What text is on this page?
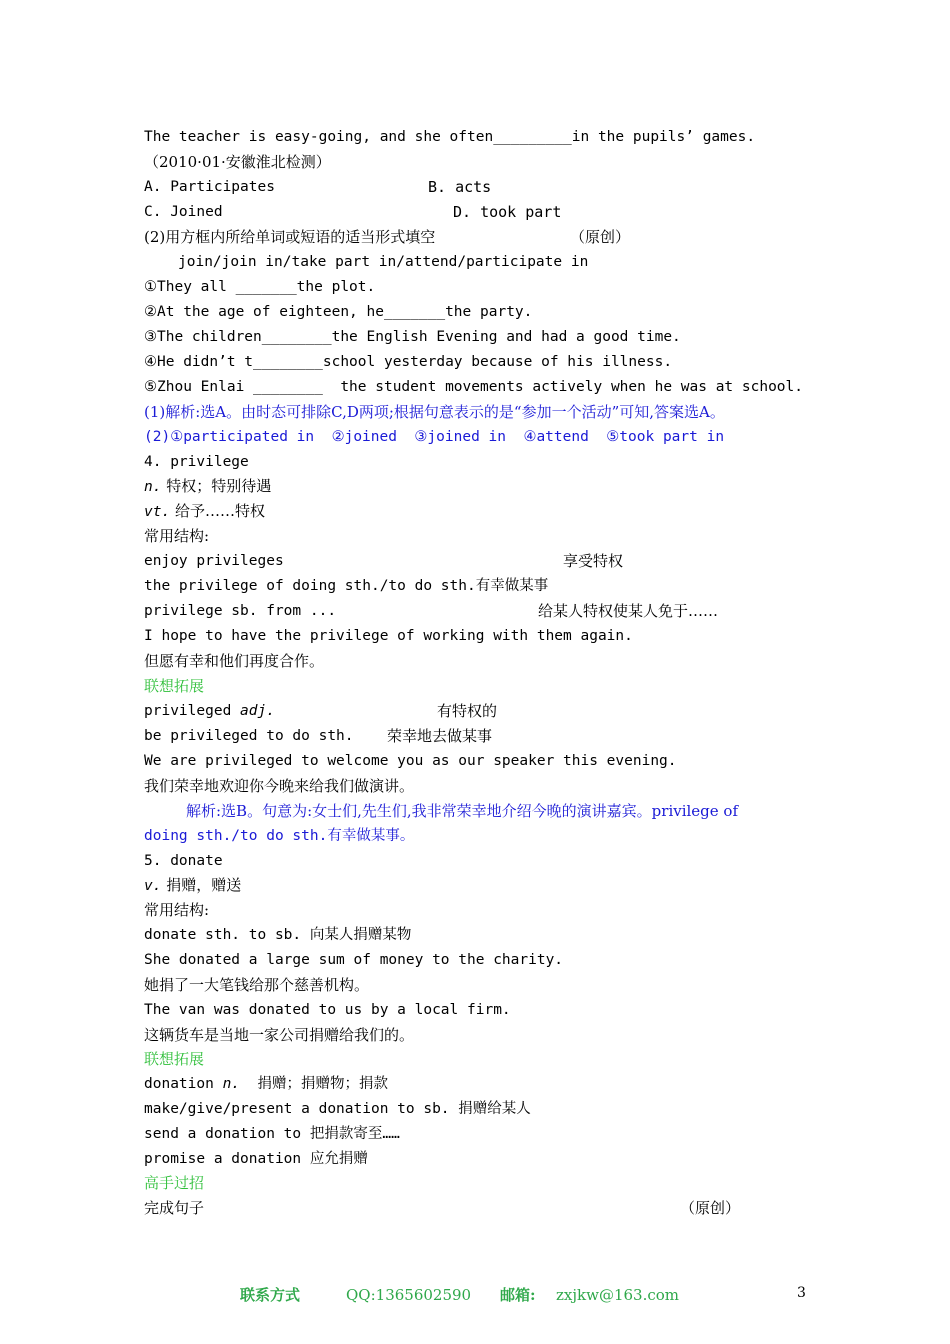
The teacher is easy-going, and she often_________in the pupils’ games.
（2010·01·安徽淮北检测）
A. Participates	B. acts
C. Joined	D. took part
(2)用方框内所给单词或短语的适当形式填空	（原创）
join/join in/take part in/attend/participate in
①They all _______the plot.
②At the age of eighteen, he_______the party.
③The children________the English Evening and had a good time.
④He didn’t t________school yesterday because of his illness.
⑤Zhou Enlai ________  the student movements actively when he was at school.
(1)解析:选A。由时态可排除C,D两项;根据句意表示的是“参加一个活动”可知,答案选A。
(2)①participated in  ②joined  ③joined in  ④attend  ⑤took part in
4. privilege
n. 特权；特别待遇
vt. 给予……特权
常用结构:
enjoy privileges	享受特权
the privilege of doing sth./to do sth.有幸做某事
privilege sb. from ...	给某人特权使某人免于……
I hope to have the privilege of working with them again.
但愿有幸和他们再度合作。
联想拓展
privileged adj.	有特权的
be privileged to do sth. 荣幸地去做某事
We are privileged to welcome you as our speaker this evening.
我们荣幸地欢迎你今晚来给我们做演讲。
解析:选B。句意为:女士们,先生们,我非常荣幸地介绍今晚的演讲嘉宾。privilege of
doing sth./to do sth.有幸做某事。
5. donate
v. 捐赠，赠送
常用结构:
donate sth. to sb. 向某人捐赠某物
She donated a large sum of money to the charity.
她捐了一大笔钱给那个慈善机构。
The van was donated to us by a local firm.
这辆货车是当地一家公司捐赠给我们的。
联想拓展
donation n. 捐赠；捐赠物；捐款
make/give/present a donation to sb. 捐赠给某人
send a donation to 把捐款寄至……
promise a donation 应允捐赠
高手过招
完成句子	（原创）
联系方式	QQ:1365602590 邮箱: zxjkw@163.com	3
